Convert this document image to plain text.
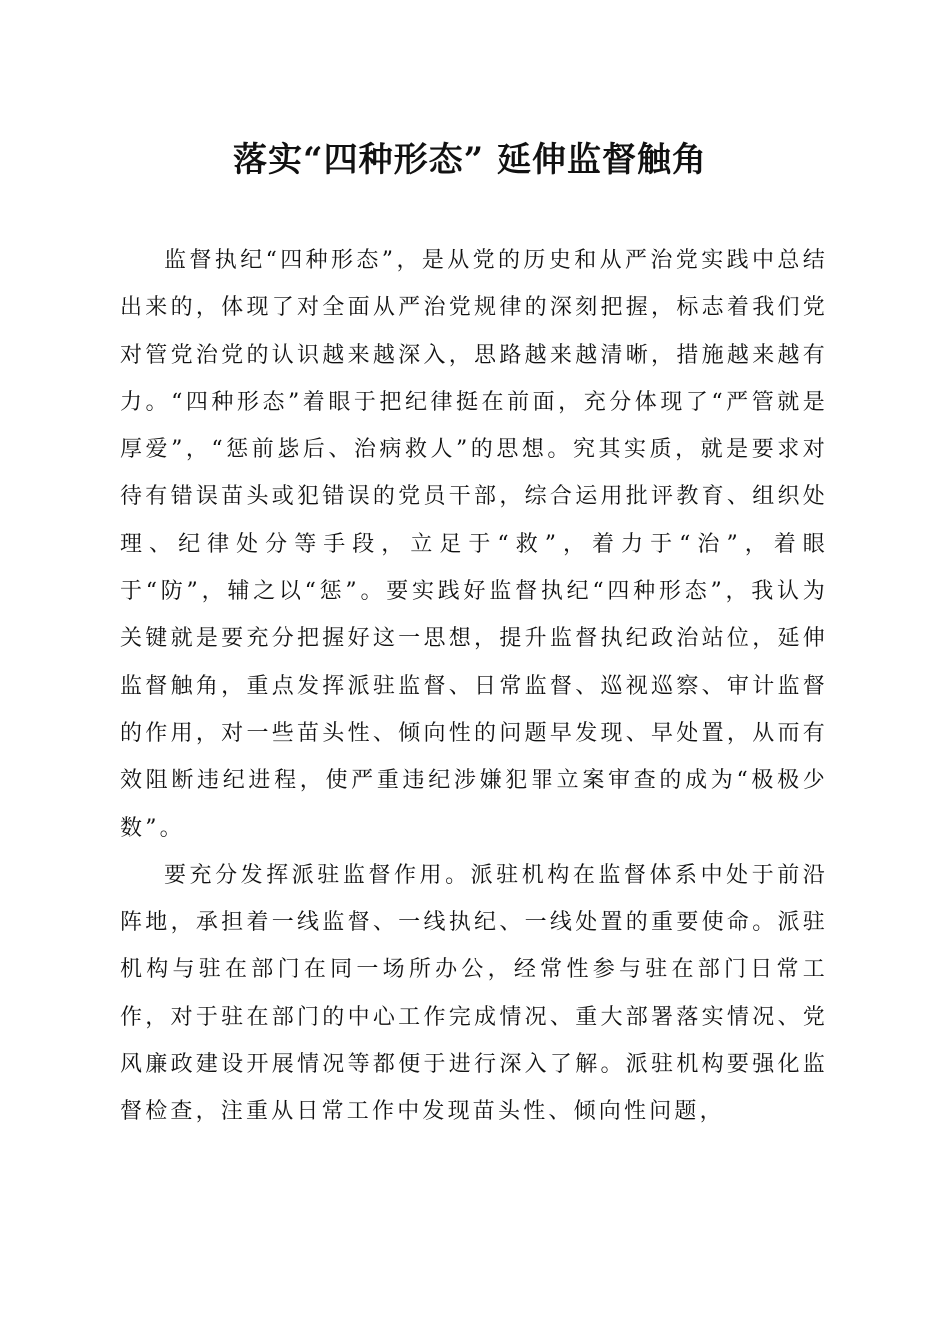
落实“四种形态” 延伸监督触角

监督执纪“四种形态”，是从党的历史和从严治党实践中总结出来的，体现了对全面从严治党规律的深刻把握，标志着我们党对管党治党的认识越来越深入，思路越来越清晰，措施越来越有力。“四种形态”着眼于把纪律挺在前面，充分体现了“严管就是厚爱”，“惩前毖后、治病救人”的思想。究其实质，就是要求对待有错误苗头或犯错误的党员干部，综合运用批评教育、组织处理、纪律处分等手段，立足于“救”，着力于“治”，着眼于“防”，辅之以“惩”。要实践好监督执纪“四种形态”，我认为关键就是要充分把握好这一思想，提升监督执纪政治站位，延伸监督触角，重点发挥派驻监督、日常监督、巡视巡察、审计监督的作用，对一些苗头性、倾向性的问题早发现、早处置，从而有效阻断违纪进程，使严重违纪涉嫌犯罪立案审查的成为“极极少数”。

要充分发挥派驻监督作用。派驻机构在监督体系中处于前沿阵地，承担着一线监督、一线执纪、一线处置的重要使命。派驻机构与驻在部门在同一场所办公，经常性参与驻在部门日常工作，对于驻在部门的中心工作完成情况、重大部署落实情况、党风廉政建设开展情况等都便于进行深入了解。派驻机构要强化监督检查，注重从日常工作中发现苗头性、倾向性问题，
